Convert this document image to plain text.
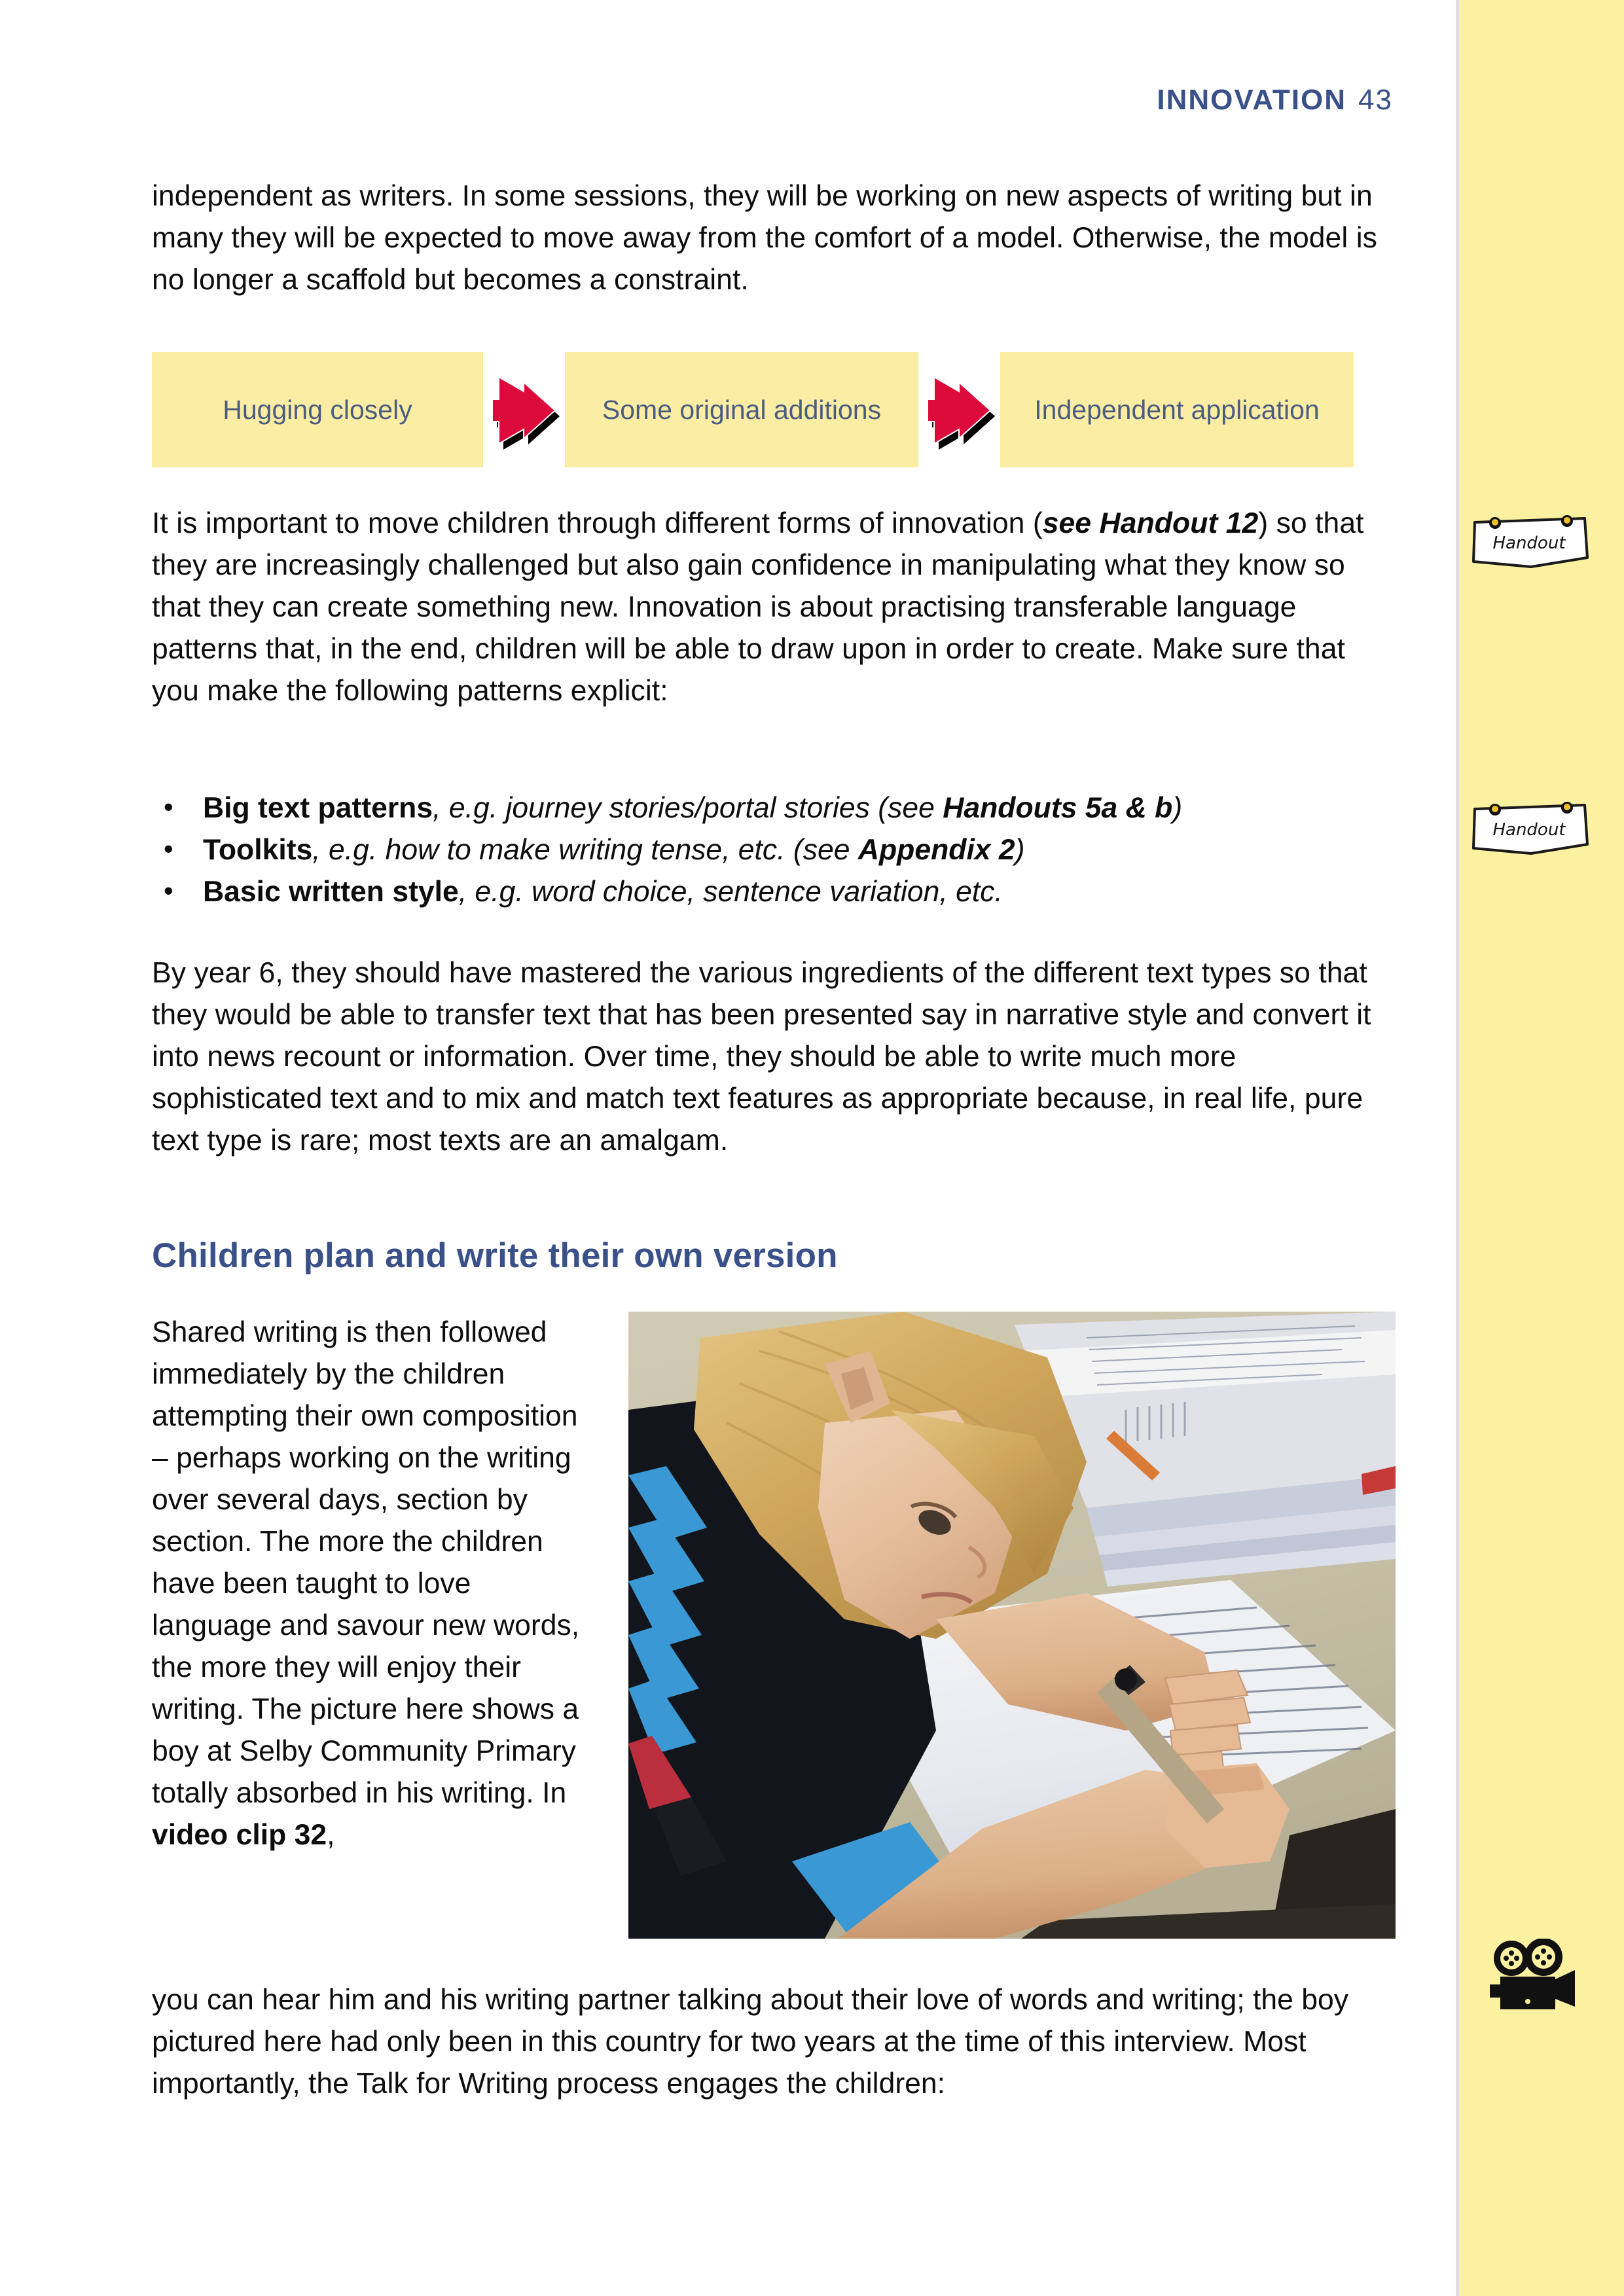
INNOVATION 43

independent as writers. In some sessions, they will be working on new aspects of writing but in many they will be expected to move away from the comfort of a model. Otherwise, the model is no longer a scaffold but becomes a constraint.

Hugging closely	Some original additions	Independent application

It is important to move children through different forms of innovation (see Handout 12) so that they are increasingly challenged but also gain confidence in manipulating what they know so that they can create something new. Innovation is about practising transferable language patterns that, in the end, children will be able to draw upon in order to create. Make sure that you make the following patterns explicit:

• Big text patterns, e.g. journey stories/portal stories (see Handouts 5a & b)
• Toolkits, e.g. how to make writing tense, etc. (see Appendix 2)
• Basic written style, e.g. word choice, sentence variation, etc.

By year 6, they should have mastered the various ingredients of the different text types so that they would be able to transfer text that has been presented say in narrative style and convert it into news recount or information. Over time, they should be able to write much more sophisticated text and to mix and match text features as appropriate because, in real life, pure text type is rare; most texts are an amalgam.

Children plan and write their own version
Shared writing is then followed immediately by the children attempting their own composition – perhaps working on the writing over several days, section by section. The more the children have been taught to love language and savour new words, the more they will enjoy their writing. The picture here shows a boy at Selby Community Primary totally absorbed in his writing. In video clip 32,
you can hear him and his writing partner talking about their love of words and writing; the boy pictured here had only been in this country for two years at the time of this interview. Most importantly, the Talk for Writing process engages the children:
Handout
Handout
